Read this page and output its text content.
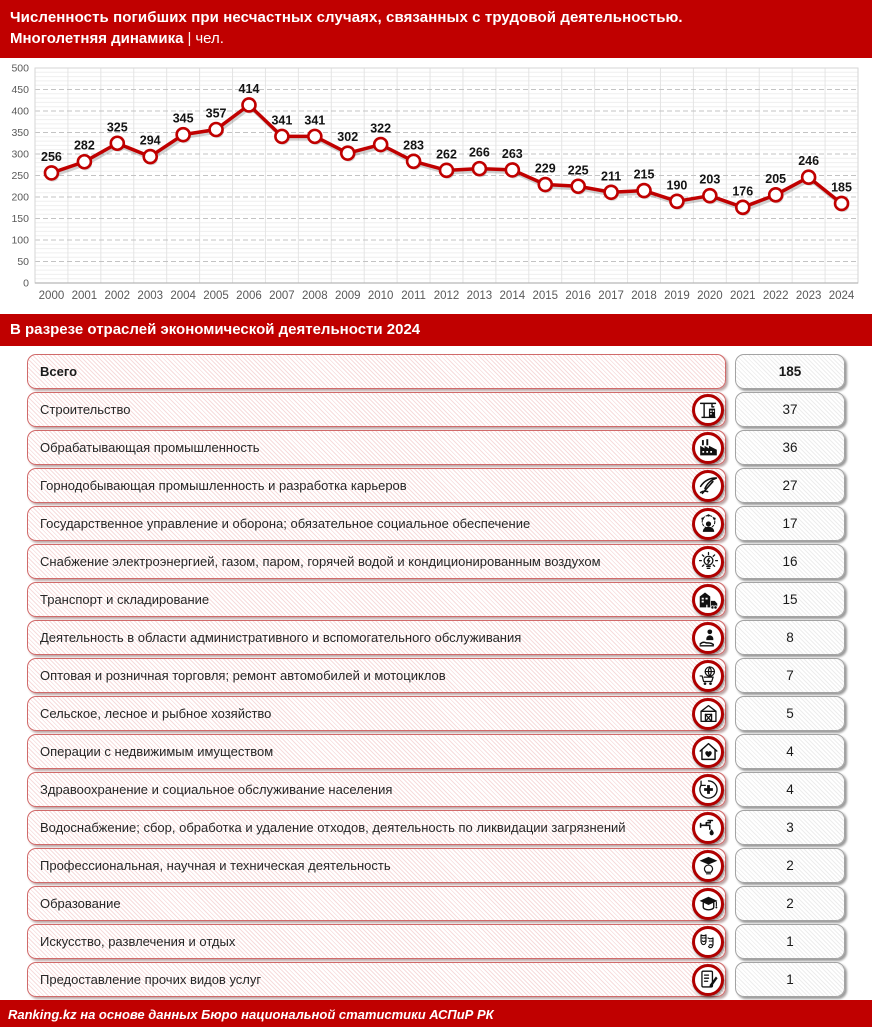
Численность погибших при несчастных случаях, связанных с трудовой деятельностью.
Многолетняя динамика | чел.
0
50
100
150
200
250
300
350
400
450
500
2000 2001 2002 2003 2004 2005 2006 2007 2008 2009 2010 2011 2012 2013 2014 2015 2016 2017 2018 2019 2020 2021 2022 2023 2024
256
282
325
294
345 357
414
341 341
302
322
283
262 266 263
229 225 211 215
190 203
176
205
246
185
В разрезе отраслей экономической деятельности 2024
Всего	185
Строительство	37
Обрабатывающая промышленность	36
Горнодобывающая промышленность и разработка карьеров	27
Государственное управление и оборона; обязательное социальное обеспечение	17
Снабжение электроэнергией, газом, паром, горячей водой и кондиционированным воздухом	16
Транспорт и складирование	15
Деятельность в области административного и вспомогательного обслуживания	8
Оптовая и розничная торговля; ремонт автомобилей и мотоциклов	7
Сельское, лесное и рыбное хозяйство	5
Операции с недвижимым имуществом	4
Здравоохранение и социальное обслуживание населения	4
Водоснабжение; сбор, обработка и удаление отходов, деятельность по ликвидации загрязнений	3
Профессиональная, научная и техническая деятельность	2
Образование	2
Искусство, развлечения и отдых	1
Предоставление прочих видов услуг	1
Ranking.kz на основе данных Бюро национальной статистики АСПиР РК
